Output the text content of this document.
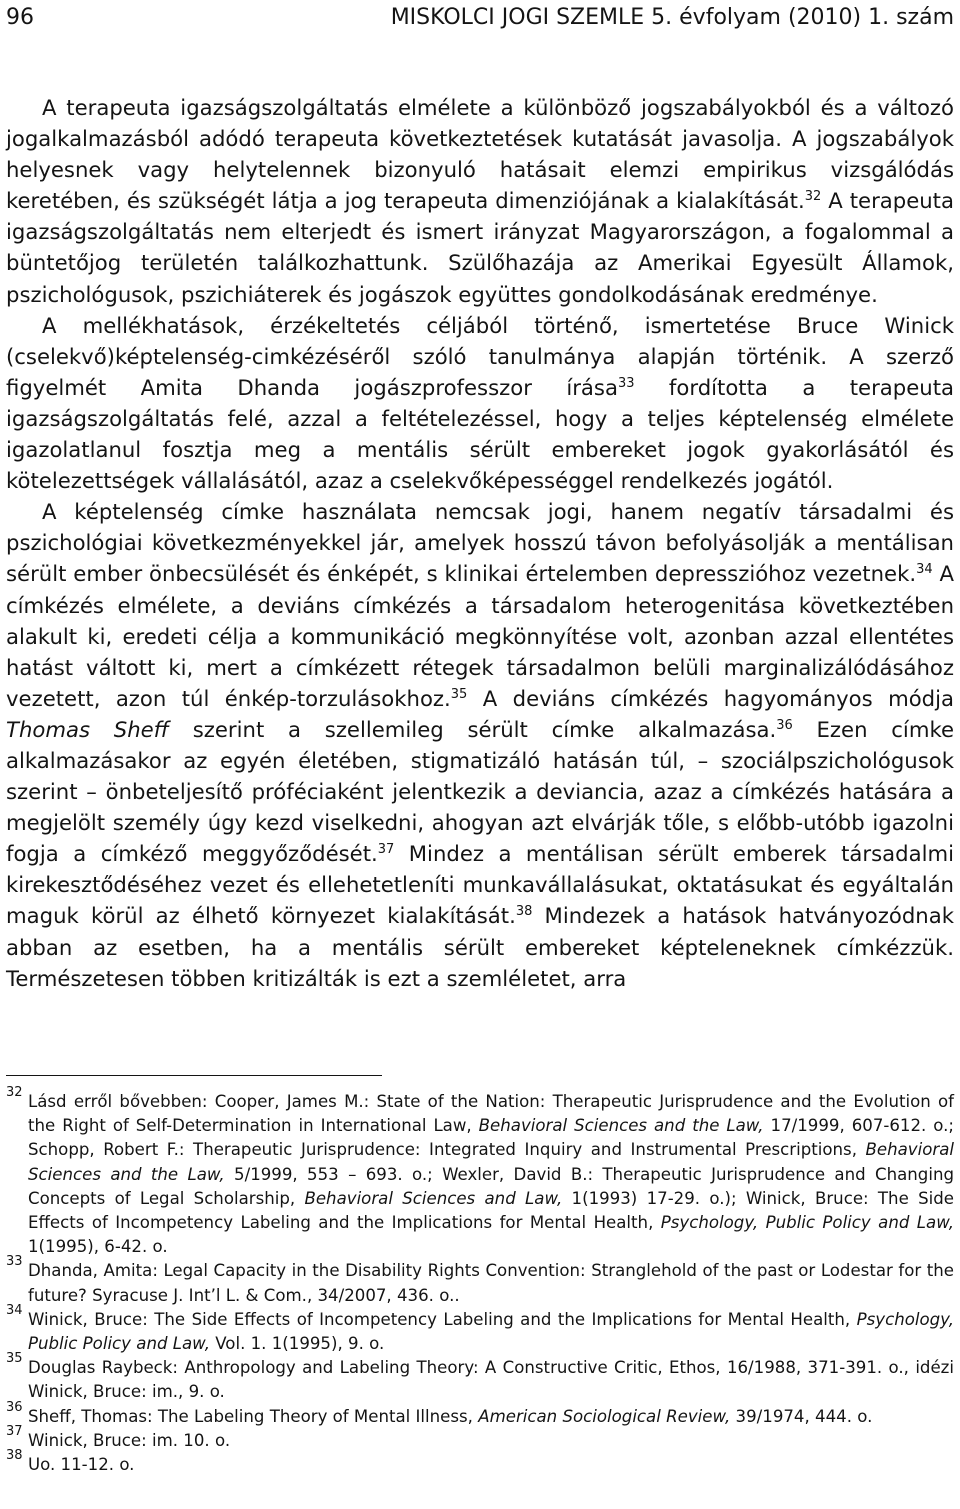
96	MISKOLCI JOGI SZEMLE 5. évfolyam (2010) 1. szám

A terapeuta igazságszolgáltatás elmélete a különböző jogszabályokból és a változó jogalkalmazásból adódó terapeuta következtetések kutatását javasolja. A jogszabályok helyesnek vagy helytelennek bizonyuló hatásait elemzi empirikus vizsgálódás keretében, és szükségét látja a jog terapeuta dimenziójának a kialakítását.$^{32}$ A terapeuta igazságszolgáltatás nem elterjedt és ismert irányzat Magyarországon, a fogalommal a büntetőjog területén találkozhattunk. Szülőhazája az Amerikai Egyesült Államok, pszichológusok, pszichiáterek és jogászok együttes gondolkodásának eredménye.

A mellékhatások, érzékeltetés céljából történő, ismertetése Bruce Winick (cselekvő)képtelenség-cimkézéséről szóló tanulmánya alapján történik. A szerző figyelmét Amita Dhanda jogászprofesszor írása$^{33}$ fordította a terapeuta igazságszolgáltatás felé, azzal a feltételezéssel, hogy a teljes képtelenség elmélete igazolatlanul fosztja meg a mentális sérült embereket jogok gyakorlásától és kötelezettségek vállalásától, azaz a cselekvőképességgel rendelkezés jogától.

A képtelenség címke használata nemcsak jogi, hanem negatív társadalmi és pszichológiai következményekkel jár, amelyek hosszú távon befolyásolják a mentálisan sérült ember önbecsülését és énképét, s klinikai értelemben depresszióhoz vezetnek.$^{34}$ A címkézés elmélete, a deviáns címkézés a társadalom heterogenitása következtében alakult ki, eredeti célja a kommunikáció megkönnyítése volt, azonban azzal ellentétes hatást váltott ki, mert a címkézett rétegek társadalmon belüli marginalizálódásához vezetett, azon túl énkép-torzulásokhoz.$^{35}$ A deviáns címkézés hagyományos módja Thomas Sheff szerint a szellemileg sérült címke alkalmazása.$^{36}$ Ezen címke alkalmazásakor az egyén életében, stigmatizáló hatásán túl, – szociálpszichológusok szerint – önbeteljesítő próféciaként jelentkezik a deviancia, azaz a címkézés hatására a megjelölt személy úgy kezd viselkedni, ahogyan azt elvárják tőle, s előbb-utóbb igazolni fogja a címkéző meggyőződését.$^{37}$ Mindez a mentálisan sérült emberek társadalmi kirekesztődéséhez vezet és ellehetetleníti munkavállalásukat, oktatásukat és egyáltalán maguk körül az élhető környezet kialakítását.$^{38}$ Mindezek a hatások hatványozódnak abban az esetben, ha a mentális sérült embereket képteleneknek címkézzük. Természetesen többen kritizálták is ezt a szemléletet, arra

32 Lásd erről bővebben: Cooper, James M.: State of the Nation: Therapeutic Jurisprudence and the Evolution of the Right of Self-Determination in International Law, Behavioral Sciences and the Law, 17/1999, 607-612. o.; Schopp, Robert F.: Therapeutic Jurisprudence: Integrated Inquiry and Instrumental Prescriptions, Behavioral Sciences and the Law, 5/1999, 553 – 693. o.; Wexler, David B.: Therapeutic Jurisprudence and Changing Concepts of Legal Scholarship, Behavioral Sciences and Law, 1(1993) 17-29. o.); Winick, Bruce: The Side Effects of Incompetency Labeling and the Implications for Mental Health, Psychology, Public Policy and Law, 1(1995), 6-42. o.

33 Dhanda, Amita: Legal Capacity in the Disability Rights Convention: Stranglehold of the past or Lodestar for the future? Syracuse J. Int’l L. & Com., 34/2007, 436. o..

34 Winick, Bruce: The Side Effects of Incompetency Labeling and the Implications for Mental Health, Psychology, Public Policy and Law, Vol. 1. 1(1995), 9. o.

35 Douglas Raybeck: Anthropology and Labeling Theory: A Constructive Critic, Ethos, 16/1988, 371-391. o., idézi Winick, Bruce: im., 9. o.

36 Sheff, Thomas: The Labeling Theory of Mental Illness, American Sociological Review, 39/1974, 444. o.

37 Winick, Bruce: im. 10. o.

38 Uo. 11-12. o.
